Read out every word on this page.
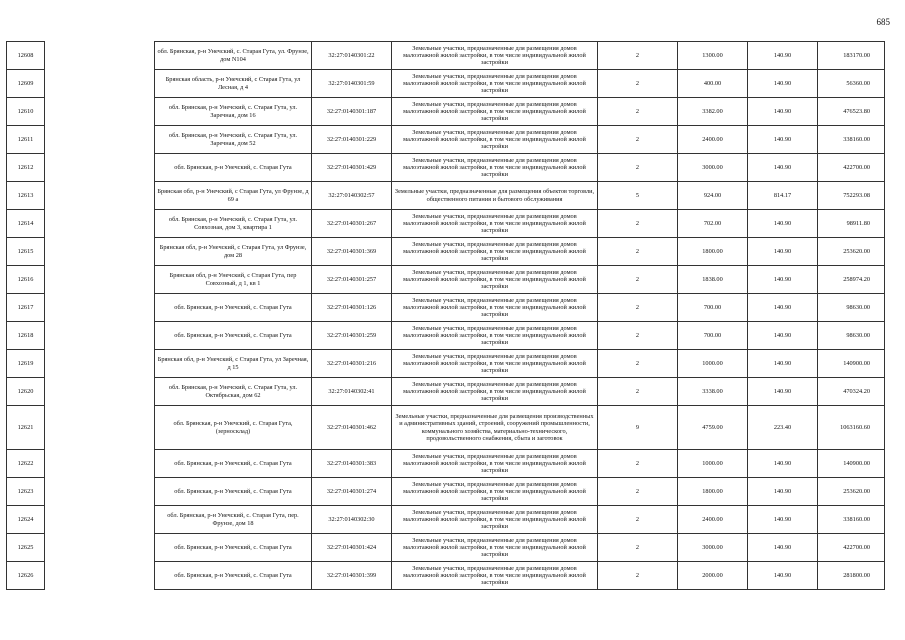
685
12608		обл. Брянская, р-н Унечский, с. Старая Гута, ул. Фрунзе, дом N104	32:27:0140301:22	Земельные участки, предназначенные для размещения домов малоэтажной жилой застройки, в том числе индивидуальной жилой застройки	2	1300.00	140.90	183170.00
12609		Брянская область, р-н Унечский, с Старая Гута, ул Лесная, д 4	32:27:0140301:59	Земельные участки, предназначенные для размещения домов малоэтажной жилой застройки, в том числе индивидуальной жилой застройки	2	400.00	140.90	56360.00
12610		обл. Брянская, р-н Унечский, с. Старая Гута, ул. Заречная, дом 16	32:27:0140301:187	Земельные участки, предназначенные для размещения домов малоэтажной жилой застройки, в том числе индивидуальной жилой застройки	2	3382.00	140.90	476523.80
12611		обл. Брянская, р-н Унечский, с. Старая Гута, ул. Заречная, дом 52	32:27:0140301:229	Земельные участки, предназначенные для размещения домов малоэтажной жилой застройки, в том числе индивидуальной жилой застройки	2	2400.00	140.90	338160.00
12612		обл. Брянская, р-н Унечский, с. Старая Гута	32:27:0140301:429	Земельные участки, предназначенные для размещения домов малоэтажной жилой застройки, в том числе индивидуальной жилой застройки	2	3000.00	140.90	422700.00
12613		Брянская обл, р-н Унечский, с Старая Гута, ул Фрунзе, д 69 а	32:27:0140302:57	Земельные участки, предназначенные для размещения объектов торговли, общественного питания и бытового обслуживания	5	924.00	814.17	752293.08
12614		обл. Брянская, р-н Унечский, с. Старая Гута, ул. Совхозная, дом 3, квартира 1	32:27:0140301:267	Земельные участки, предназначенные для размещения домов малоэтажной жилой застройки, в том числе индивидуальной жилой застройки	2	702.00	140.90	98911.80
12615		Брянская обл, р-н Унечский, с Старая Гута, ул Фрунзе, дом 28	32:27:0140301:369	Земельные участки, предназначенные для размещения домов малоэтажной жилой застройки, в том числе индивидуальной жилой застройки	2	1800.00	140.90	253620.00
12616		Брянская обл, р-н Унечский, с Старая Гута, пер Совхозный, д 1, кв 1	32:27:0140301:257	Земельные участки, предназначенные для размещения домов малоэтажной жилой застройки, в том числе индивидуальной жилой застройки	2	1838.00	140.90	258974.20
12617		обл. Брянская, р-н Унечский, с. Старая Гута	32:27:0140301:126	Земельные участки, предназначенные для размещения домов малоэтажной жилой застройки, в том числе индивидуальной жилой застройки	2	700.00	140.90	98630.00
12618		обл. Брянская, р-н Унечский, с. Старая Гута	32:27:0140301:259	Земельные участки, предназначенные для размещения домов малоэтажной жилой застройки, в том числе индивидуальной жилой застройки	2	700.00	140.90	98630.00
12619		Брянская обл, р-н Унечский, с Старая Гута, ул Заречная, д 15	32:27:0140301:216	Земельные участки, предназначенные для размещения домов малоэтажной жилой застройки, в том числе индивидуальной жилой застройки	2	1000.00	140.90	140900.00
12620		обл. Брянская, р-н Унечский, с. Старая Гута, ул. Октябрьская, дом 62	32:27:0140302:41	Земельные участки, предназначенные для размещения домов малоэтажной жилой застройки, в том числе индивидуальной жилой застройки	2	3338.00	140.90	470324.20
12621		обл. Брянская, р-н Унечский, с. Старая Гута, (зерносклад)	32:27:0140301:462	Земельные участки, предназначенные для размещения производственных и административных зданий, строений, сооружений промышленности, коммунального хозяйства, материально-технического, продовольственного снабжения, сбыта и заготовок	9	4759.00	223.40	1063160.60
12622		обл. Брянская, р-н Унечский, с. Старая Гута	32:27:0140301:383	Земельные участки, предназначенные для размещения домов малоэтажной жилой застройки, в том числе индивидуальной жилой застройки	2	1000.00	140.90	140900.00
12623		обл. Брянская, р-н Унечский, с. Старая Гута	32:27:0140301:274	Земельные участки, предназначенные для размещения домов малоэтажной жилой застройки, в том числе индивидуальной жилой застройки	2	1800.00	140.90	253620.00
12624		обл. Брянская, р-н Унечский, с. Старая Гута, пер. Фрунзе, дом 18	32:27:0140302:30	Земельные участки, предназначенные для размещения домов малоэтажной жилой застройки, в том числе индивидуальной жилой застройки	2	2400.00	140.90	338160.00
12625		обл. Брянская, р-н Унечский, с. Старая Гута	32:27:0140301:424	Земельные участки, предназначенные для размещения домов малоэтажной жилой застройки, в том числе индивидуальной жилой застройки	2	3000.00	140.90	422700.00
12626		обл. Брянская, р-н Унечский, с. Старая Гута	32:27:0140301:399	Земельные участки, предназначенные для размещения домов малоэтажной жилой застройки, в том числе индивидуальной жилой застройки	2	2000.00	140.90	281800.00
